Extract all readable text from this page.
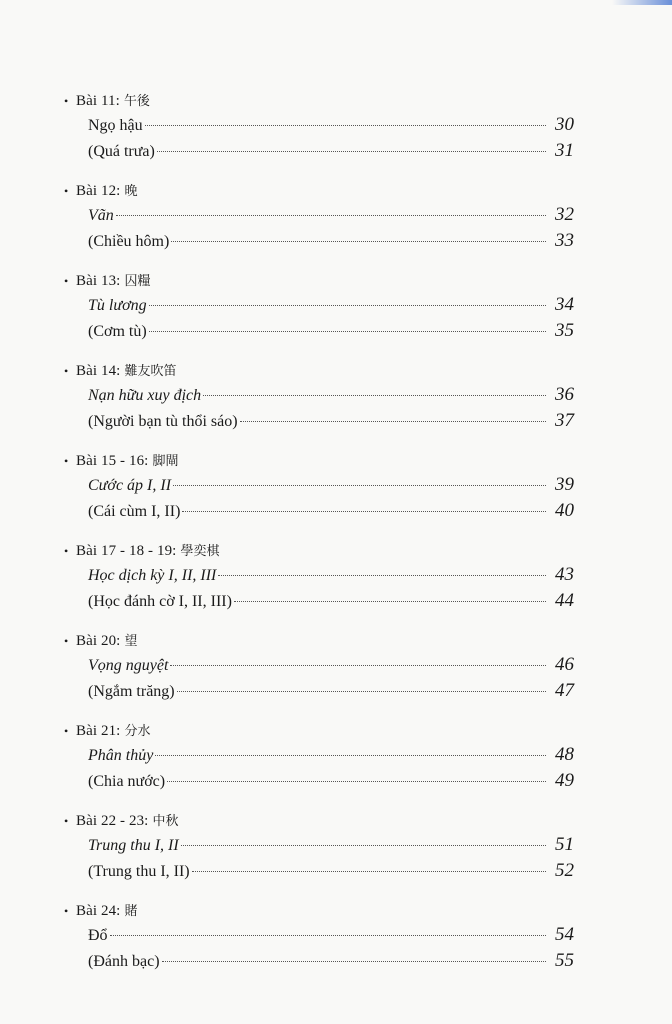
• Bài 11: 午後
Ngọ hậu	30
(Quá trưa)	31
• Bài 12: 晚
Vãn	32
(Chiều hôm)	33
• Bài 13: 囚糧
Tù lương	34
(Cơm tù)	35
• Bài 14: 難友吹笛
Nạn hữu xuy địch	36
(Người bạn tù thổi sáo)	37
• Bài 15 - 16: 脚閘
Cước áp I, II	39
(Cái cùm I, II)	40
• Bài 17 - 18 - 19: 學奕棋
Học dịch kỳ I, II, III	43
(Học đánh cờ I, II, III)	44
• Bài 20: 望
Vọng nguyệt	46
(Ngắm trăng)	47
• Bài 21: 分水
Phân thủy	48
(Chia nước)	49
• Bài 22 - 23: 中秋
Trung thu I, II	51
(Trung thu I, II)	52
• Bài 24: 賭
Đổ	54
(Đánh bạc)	55
